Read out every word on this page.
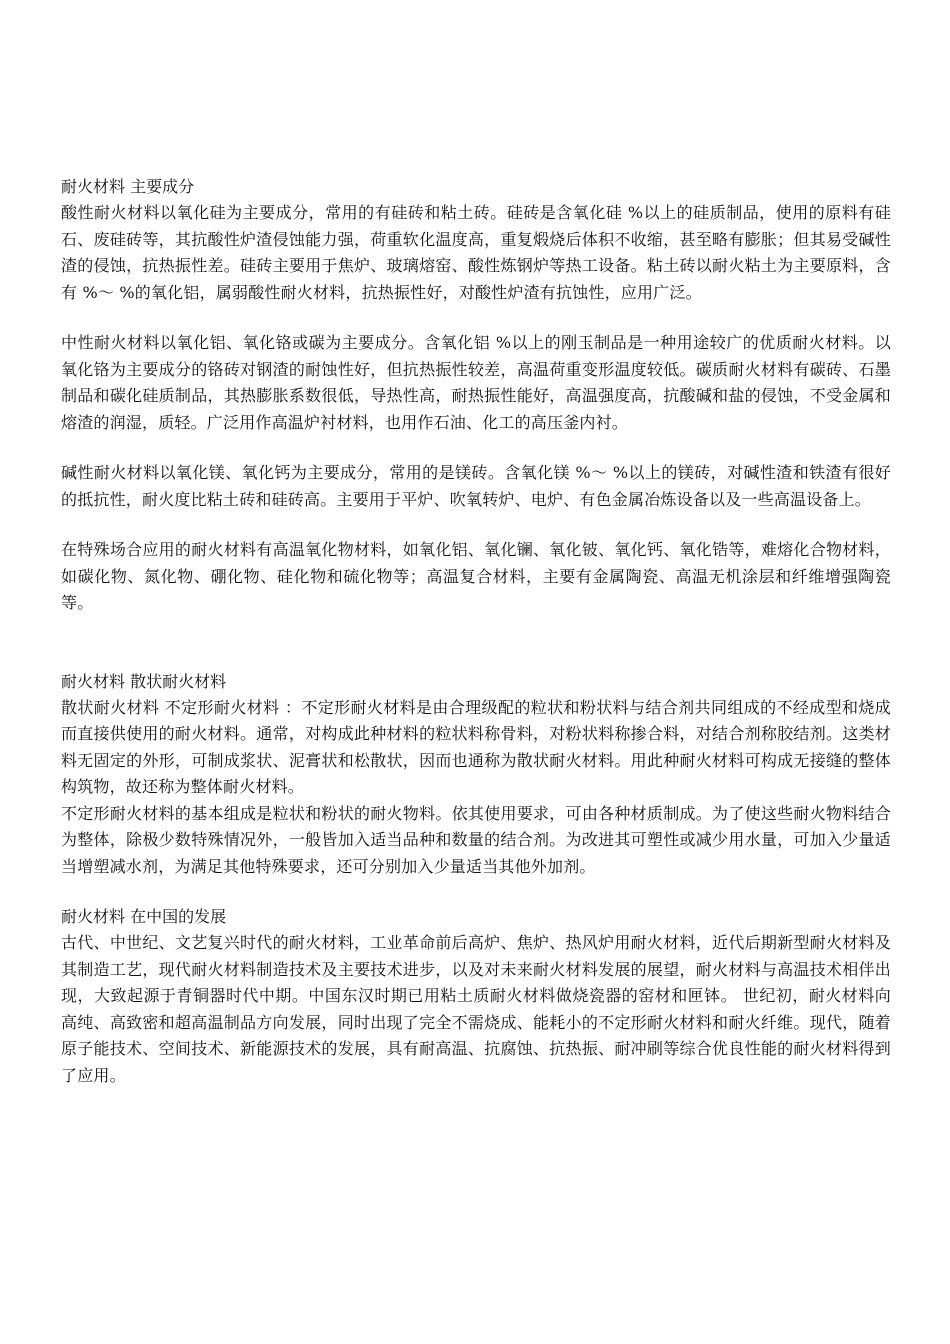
耐火材料 主要成分

酸性耐火材料以氧化硅为主要成分，常用的有硅砖和粘土砖。硅砖是含氧化硅 %以上的硅质制品，使用的原料有硅石、废硅砖等，其抗酸性炉渣侵蚀能力强，荷重软化温度高，重复煅烧后体积不收缩，甚至略有膨胀；但其易受碱性渣的侵蚀，抗热振性差。硅砖主要用于焦炉、玻璃熔窑、酸性炼钢炉等热工设备。粘土砖以耐火粘土为主要原料，含有 %～ %的氧化铝，属弱酸性耐火材料，抗热振性好，对酸性炉渣有抗蚀性，应用广泛。

中性耐火材料以氧化铝、氧化铬或碳为主要成分。含氧化铝 %以上的刚玉制品是一种用途较广的优质耐火材料。以氧化铬为主要成分的铬砖对钢渣的耐蚀性好，但抗热振性较差，高温荷重变形温度较低。碳质耐火材料有碳砖、石墨制品和碳化硅质制品，其热膨胀系数很低，导热性高，耐热振性能好，高温强度高，抗酸碱和盐的侵蚀，不受金属和熔渣的润湿，质轻。广泛用作高温炉衬材料，也用作石油、化工的高压釜内衬。

碱性耐火材料以氧化镁、氧化钙为主要成分，常用的是镁砖。含氧化镁 %～ %以上的镁砖，对碱性渣和铁渣有很好的抵抗性，耐火度比粘土砖和硅砖高。主要用于平炉、吹氧转炉、电炉、有色金属冶炼设备以及一些高温设备上。

在特殊场合应用的耐火材料有高温氧化物材料，如氧化铝、氧化镧、氧化铍、氧化钙、氧化锆等，难熔化合物材料，如碳化物、氮化物、硼化物、硅化物和硫化物等；高温复合材料，主要有金属陶瓷、高温无机涂层和纤维增强陶瓷等。

耐火材料 散状耐火材料

散状耐火材料 不定形耐火材料 ：不定形耐火材料是由合理级配的粒状和粉状料与结合剂共同组成的不经成型和烧成而直接供使用的耐火材料。通常，对构成此种材料的粒状料称骨料，对粉状料称掺合料，对结合剂称胶结剂。这类材料无固定的外形，可制成浆状、泥膏状和松散状，因而也通称为散状耐火材料。用此种耐火材料可构成无接缝的整体构筑物，故还称为整体耐火材料。

不定形耐火材料的基本组成是粒状和粉状的耐火物料。依其使用要求，可由各种材质制成。为了使这些耐火物料结合为整体，除极少数特殊情况外，一般皆加入适当品种和数量的结合剂。为改进其可塑性或减少用水量，可加入少量适当增塑减水剂，为满足其他特殊要求，还可分别加入少量适当其他外加剂。

耐火材料 在中国的发展

古代、中世纪、文艺复兴时代的耐火材料，工业革命前后高炉、焦炉、热风炉用耐火材料，近代后期新型耐火材料及其制造工艺，现代耐火材料制造技术及主要技术进步，以及对未来耐火材料发展的展望，耐火材料与高温技术相伴出现，大致起源于青铜器时代中期。中国东汉时期已用粘土质耐火材料做烧瓷器的窑材和匣钵。 世纪初，耐火材料向高纯、高致密和超高温制品方向发展，同时出现了完全不需烧成、能耗小的不定形耐火材料和耐火纤维。现代，随着原子能技术、空间技术、新能源技术的发展，具有耐高温、抗腐蚀、抗热振、耐冲刷等综合优良性能的耐火材料得到了应用。
